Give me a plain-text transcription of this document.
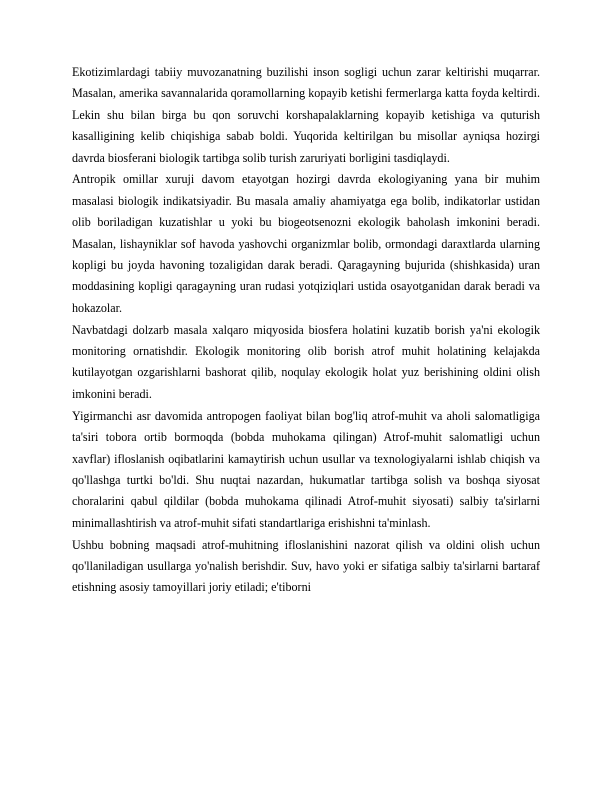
Ekotizimlardagi tabiiy muvozanatning buzilishi inson sogligi uchun zarar keltirishi muqarrar. Masalan, amerika savannalarida qoramollarning kopayib ketishi fermerlarga katta foyda keltirdi. Lekin shu bilan birga bu qon soruvchi korshapalaklarning kopayib ketishiga va quturish kasalligining kelib chiqishiga sabab boldi. Yuqorida keltirilgan bu misollar ayniqsa hozirgi davrda biosferani biologik tartibga solib turish zaruriyati borligini tasdiqlaydi.

Antropik omillar xuruji davom etayotgan hozirgi davrda ekologiyaning yana bir muhim masalasi biologik indikatsiyadir. Bu masala amaliy ahamiyatga ega bolib, indikatorlar ustidan olib boriladigan kuzatishlar u yoki bu biogeotsenozni ekologik baholash imkonini beradi. Masalan, lishayniklar sof havoda yashovchi organizmlar bolib, ormondagi daraxtlarda ularning kopligi bu joyda havoning tozaligidan darak beradi. Qaragayning bujurida (shishkasida) uran moddasining kopligi qaragayning uran rudasi yotqiziqlari ustida osayotganidan darak beradi va hokazolar.

Navbatdagi dolzarb masala xalqaro miqyosida biosfera holatini kuzatib borish ya'ni ekologik monitoring ornatishdir. Ekologik monitoring olib borish atrof muhit holatining kelajakda kutilayotgan ozgarishlarni bashorat qilib, noqulay ekologik holat yuz berishining oldini olish imkonini beradi.

Yigirmanchi asr davomida antropogen faoliyat bilan bog'liq atrof-muhit va aholi salomatligiga ta'siri tobora ortib bormoqda (bobda muhokama qilingan) Atrof-muhit salomatligi uchun xavflar) ifloslanish oqibatlarini kamaytirish uchun usullar va texnologiyalarni ishlab chiqish va qo'llashga turtki bo'ldi. Shu nuqtai nazardan, hukumatlar tartibga solish va boshqa siyosat choralarini qabul qildilar (bobda muhokama qilinadi Atrof-muhit siyosati) salbiy ta'sirlarni minimallashtirish va atrof-muhit sifati standartlariga erishishni ta'minlash.

Ushbu bobning maqsadi atrof-muhitning ifloslanishini nazorat qilish va oldini olish uchun qo'llaniladigan usullarga yo'nalish berishdir. Suv, havo yoki er sifatiga salbiy ta'sirlarni bartaraf etishning asosiy tamoyillari joriy etiladi; e'tiborni
